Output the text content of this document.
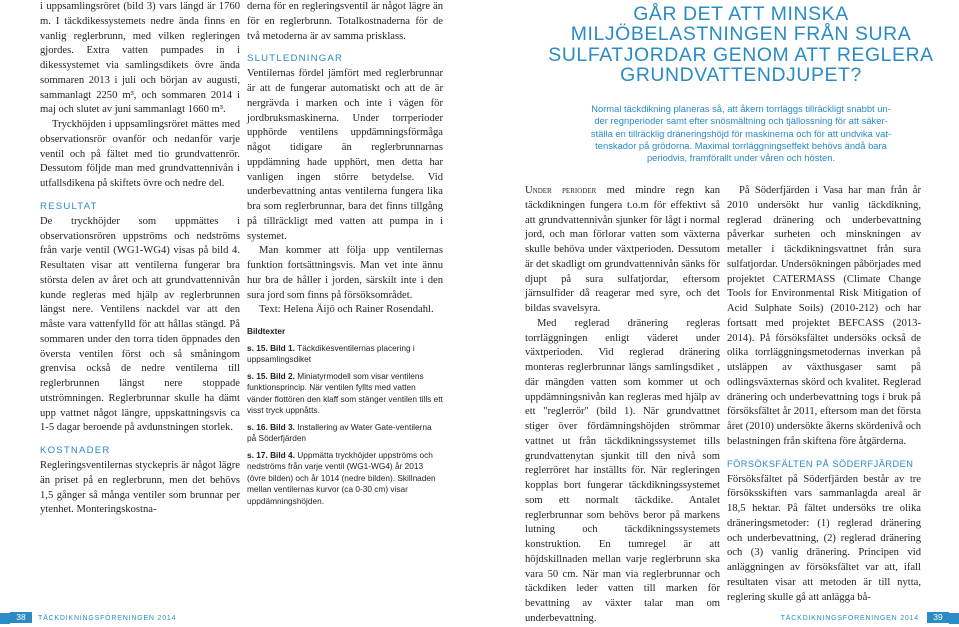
i uppsamlingsröret (bild 3) vars längd är 1760 m. I täckdikessystemets nedre ända finns en vanlig reglerbrunn, med vilken regleringen gjordes. Extra vatten pumpades in i dikessystemet via samlingsdikets övre ända sommaren 2013 i juli och början av augusti, sammanlagt 2250 m³, och sommaren 2014 i maj och slutet av juni sammanlagt 1660 m³.

Tryckhöjden i uppsamlingsröret mättes med observationsrör ovanför och nedanför varje ventil och på fältet med tio grundvattenrör. Dessutom följde man med grundvattennivån i utfallsdikena på skiftets övre och nedre del.

RESULTAT

De tryckhöjder som uppmättes i observationsrören uppströms och nedströms från varje ventil (WG1-WG4) visas på bild 4. Resultaten visar att ventilerna fungerar bra största delen av året och att grundvattennivån kunde regleras med hjälp av reglerbrunnen längst nere. Ventilens nackdel var att den måste vara vattenfylld för att hållas stängd. På sommaren under den torra tiden öppnades den översta ventilen först och så småningom grenvisa också de nedre ventilerna till reglerbrunnen längst nere stoppade utströmningen. Reglerbrunnar skulle ha dämt upp vattnet något längre, uppskattningsvis ca 1-5 dagar beroende på avdunstningen storlek.

KOSTNADER

Regleringsventilernas styckepris är något lägre än priset på en reglerbrunn, men det behövs 1,5 gånger så många ventiler som brunnar per ytenhet. Monteringskostna-

derna för en regleringsventil är något lägre än för en reglerbrunn. Totalkostnaderna för de två metoderna är av samma prisklass.

SLUTLEDNINGAR

Ventilernas fördel jämfört med reglerbrunnar är att de fungerar automatiskt och att de är nergrävda i marken och inte i vägen för jordbruksmaskinerna. Under torrperioder upphörde ventilens uppdämningsförmåga något tidigare än reglerbrunnarnas uppdämning hade upphört, men detta har vanligen ingen större betydelse. Vid underbevattning antas ventilerna fungera lika bra som reglerbrunnar, bara det finns tillgång på tillräckligt med vatten att pumpa in i systemet.

Man kommer att följa upp ventilernas funktion fortsättningsvis. Man vet inte ännu hur bra de håller i jorden, särskilt inte i den sura jord som finns på försöksområdet.

Text: Helena Äijö och Rainer Rosendahl.

Bildtexter

s. 15. Bild 1. Täckdikesventilernas placering i uppsamlingsdiket

s. 15. Bild 2. Miniatyrmodell som visar ventilens funktionsprincip. När ventilen fyllts med vatten vänder flottören den klaff som stänger ventilen tills ett visst tryck uppnåtts.

s. 16. Bild 3. Installering av Water Gate-ventilerna på Söderfjärden

s. 17. Bild 4. Uppmätta tryckhöjder uppströms och nedströms från varje ventil (WG1-WG4) år 2013 (övre bilden) och år 1014 (nedre bilden). Skillnaden mellan ventilernas kurvor (ca 0-30 cm) visar uppdämningshöjden.

GÅR DET ATT MINSKA
MILJÖBELASTNINGEN FRÅN SURA
SULFATJORDAR GENOM ATT REGLERA
GRUNDVATTENDJUPET?
Normal täckdikning planeras så, att åkern torrläggs tillräckligt snabbt un-
der regnperioder samt efter snösmältning och tjällossning för att säker-
ställa en tillräcklig dräneringshöjd för maskinerna och för att undvika vat-
tenskador på grödorna. Maximal torrläggningseffekt behövs ändå bara
periodvis, framförallt under våren och hösten.

Under perioder med mindre regn kan täckdikningen fungera t.o.m för effektivt så att grundvattennivån sjunker för lågt i normal jord, och man förlorar vatten som växterna skulle behöva under växtperioden. Dessutom är det skadligt om grundvattennivån sänks för djupt på sura sulfatjordar, eftersom järnsulfider då reagerar med syre, och det bildas svavelsyra.

Med reglerad dränering regleras torrläggningen enligt väderet under växtperioden. Vid reglerad dränering monteras reglerbrunnar längs samlingsdiket , där mängden vatten som kommer ut och uppdämningsnivån kan regleras med hjälp av ett "reglerrör" (bild 1). När grundvattnet stiger över fördämningshöjden strömmar vattnet ut från täckdikningssystemet tills grundvattenytan sjunkit till den nivå som reglerröret har inställts för. När regleringen kopplas bort fungerar täckdikningssystemet som ett normalt täckdike. Antalet reglerbrunnar som behövs beror på markens lutning och täckdikningssystemets konstruktion. En tumregel är att höjdskillnaden mellan varje reglerbrunn ska vara 50 cm. När man via reglerbrunnar och täckdiken leder vatten till marken för bevattning av växter talar man om underbevattning.

På Söderfjärden i Vasa har man från år 2010 undersökt hur vanlig täckdikning, reglerad dränering och underbevattning påverkar surheten och minskningen av metaller i täckdikningsvattnet från sura sulfatjordar. Undersökningen påbörjades med projektet CATERMASS (Climate Change Tools for Environmental Risk Mitigation of Acid Sulphate Soils) (2010-212) och har fortsatt med projektet BEFCASS (2013-2014). På försöksfältet undersöks också de olika torrläggningsmetodernas inverkan på utsläppen av växthusgaser samt på odlingsväxternas skörd och kvalitet. Reglerad dränering och underbevattning togs i bruk på försöksfältet år 2011, eftersom man det första året (2010) undersökte åkerns skördenivå och belastningen från skiftena före åtgärderna.

FÖRSÖKSFÄLTEN PÅ SÖDERFJÄRDEN

Försöksfältet på Söderfjärden består av tre försöksskiften vars sammanlagda areal är 18,5 hektar. På fältet undersöks tre olika dräneringsmetoder: (1) reglerad dränering och underbevattning, (2) reglerad dränering och (3) vanlig dränering. Principen vid anläggningen av försöksfältet var att, ifall resultaten visar att metoden är till nytta, reglering skulle gå att anlägga bå-

38	TÄCKDIKNINGSFÖRENINGEN 2014	TÄCKDIKNINGSFÖRENINGEN 2014	39
